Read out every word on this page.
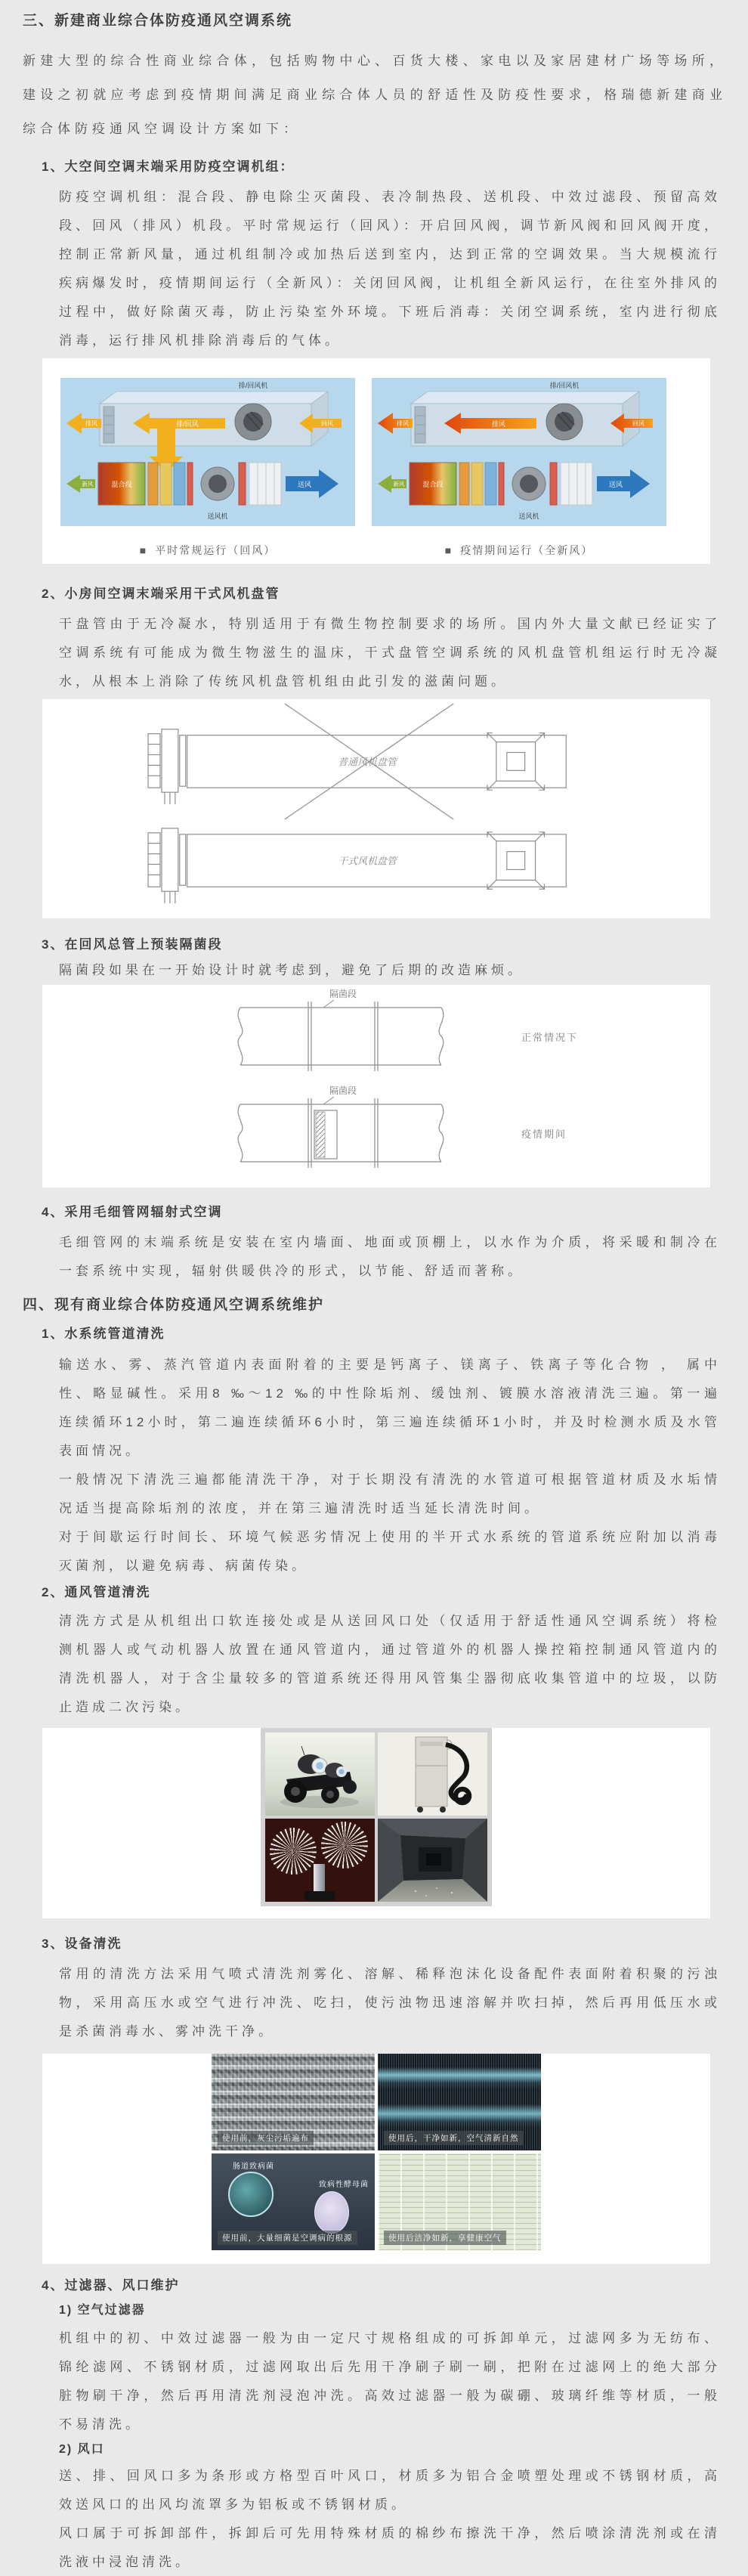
三、新建商业综合体防疫通风空调系统

新建大型的综合性商业综合体，包括购物中心、百货大楼、家电以及家居建材广场等场所，建设之初就应考虑到疫情期间满足商业综合体人员的舒适性及防疫性要求，格瑞德新建商业综合体防疫通风空调设计方案如下：

1、大空间空调末端采用防疫空调机组：

防疫空调机组：混合段、静电除尘灭菌段、表冷制热段、送机段、中效过滤段、预留高效段、回风（排风）机段。平时常规运行（回风）：开启回风阀，调节新风阀和回风阀开度，控制正常新风量，通过机组制冷或加热后送到室内，达到正常的空调效果。当大规模流行疾病爆发时，疫情期间运行（全新风）：关闭回风阀，让机组全新风运行，在往室外排风的过程中，做好除菌灭毒，防止污染室外环境。下班后消毒：关闭空调系统，室内进行彻底消毒，运行排风机排除消毒后的气体。

排/回风机
排风	排/回风	回风
新风	混合段
送风机
送风
排/回风机
排风	排风	回风
新风	混合段
送风机
送风
■ 平时常规运行（回风）	■ 疫情期间运行（全新风）
2、小房间空调末端采用干式风机盘管

干盘管由于无冷凝水，特别适用于有微生物控制要求的场所。国内外大量文献已经证实了空调系统有可能成为微生物滋生的温床，干式盘管空调系统的风机盘管机组运行时无冷凝水，从根本上消除了传统风机盘管机组由此引发的滋菌问题。

普通风机盘管
干式风机盘管
3、在回风总管上预装隔菌段

隔菌段如果在一开始设计时就考虑到，避免了后期的改造麻烦。

隔菌段
正常情况下
隔菌段
疫情期间
4、采用毛细管网辐射式空调

毛细管网的末端系统是安装在室内墙面、地面或顶棚上，以水作为介质，将采暖和制冷在一套系统中实现，辐射供暖供冷的形式，以节能、舒适而著称。

四、现有商业综合体防疫通风空调系统维护
1、水系统管道清洗

输送水、雾、蒸汽管道内表面附着的主要是钙离子、镁离子、铁离子等化合物 ， 属中性、略显碱性。采用8 ‰～12 ‰的中性除垢剂、缓蚀剂、镀膜水溶液清洗三遍。第一遍连续循环12小时，第二遍连续循环6小时，第三遍连续循环1小时，并及时检测水质及水管表面情况。

一般情况下清洗三遍都能清洗干净，对于长期没有清洗的水管道可根据管道材质及水垢情况适当提高除垢剂的浓度，并在第三遍清洗时适当延长清洗时间。

对于间歇运行时间长、环境气候恶劣情况上使用的半开式水系统的管道系统应附加以消毒灭菌剂，以避免病毒、病菌传染。

2、通风管道清洗

清洗方式是从机组出口软连接处或是从送回风口处（仅适用于舒适性通风空调系统）将检测机器人或气动机器人放置在通风管道内，通过管道外的机器人操控箱控制通风管道内的清洗机器人，对于含尘量较多的管道系统还得用风管集尘器彻底收集管道中的垃圾，以防止造成二次污染。

3、设备清洗

常用的清洗方法采用气喷式清洗剂雾化、溶解、稀释泡沫化设备配件表面附着积聚的污浊物，采用高压水或空气进行冲洗、吃扫，使污浊物迅速溶解并吹扫掉，然后再用低压水或是杀菌消毒水、雾冲洗干净。

使用前，灰尘污垢遍布	使用后，干净如新，空气清新自然
肠道致病菌
致病性酵母菌
使用前，大量细菌是空调病的根源	使用后洁净如新，享健康空气
4、过滤器、风口维护
1) 空气过滤器

机组中的初、中效过滤器一般为由一定尺寸规格组成的可拆卸单元，过滤网多为无纺布、锦纶滤网、不锈钢材质，过滤网取出后先用干净刷子刷一刷，把附在过滤网上的绝大部分脏物刷干净，然后再用清洗剂浸泡冲洗。高效过滤器一般为碳硼、玻璃纤维等材质，一般不易清洗。

2) 风口

送、排、回风口多为条形或方格型百叶风口，材质多为铝合金喷塑处理或不锈钢材质，高效送风口的出风均流罩多为铝板或不锈钢材质。

风口属于可拆卸部件，拆卸后可先用特殊材质的棉纱布擦洗干净，然后喷涂清洗剂或在清洗液中浸泡清洗。
